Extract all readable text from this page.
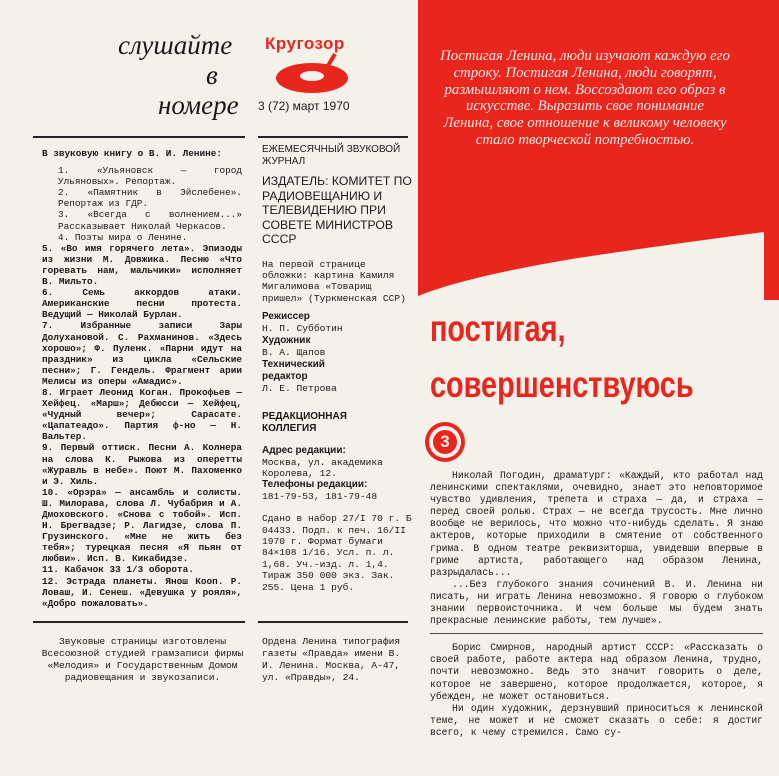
слушайте
в
номере
Кругозор
3 (72) март 1970

В звуковую книгу о В. И. Ленине:

1. «Ульяновск — город Ульяновых». Репортаж.

2. «Памятник в Эйслебене». Репортаж из ГДР.

3. «Всегда с волнением...» Рассказывает Николай Черкасов.

4. Поэты мира о Ленине.

5. «Во имя горячего лета». Эпизоды из жизни М. Довжика. Песню «Что горевать нам, мальчики» исполняет В. Мильто.

6. Семь аккордов атаки. Американские песни протеста. Ведущий — Николай Бурлан.

7. Избранные записи Зары Долухановой. С. Рахманинов. «Здесь хорошо»; Ф. Пуленк. «Парни идут на праздник» из цикла «Сельские песни»; Г. Гендель. Фрагмент арии Мелисы из оперы «Амадис».

8. Играет Леонид Коган. Прокофьев — Хейфец. «Марш»; Дебюсси — Хейфец, «Чудный вечер»; Сарасате. «Цапатеадо». Партия ф-но — Н. Вальтер.

9. Первый оттиск. Песни А. Колнера на слова К. Рыжова из оперетты «Журавль в небе». Поют М. Пахоменко и Э. Хиль.

10. «Орэра» — ансамбль и солисты. Ш. Милорава, слова Л. Чубабрия и А. Дмоховского. «Снова с тобой». Исп. Н. Брегвадзе; Р. Лагидзе, слова П. Грузинского. «Мне не жить без тебя»; турецкая песня «Я пьян от любви». Исп. В. Кикабидзе.

11. Кабачок 33 1/3 оборота.

12. Эстрада планеты. Янош Кооп. Р. Ловаш, И. Сенеш. «Девушка у рояля», «Добро пожаловать».

Звуковые страницы изготовлены Всесоюзной студией грамзаписи фирмы «Мелодия» и Государственным Домом радиовещания и звукозаписи.
ЕЖЕМЕСЯЧНЫЙ ЗВУКОВОЙ ЖУРНАЛ
ИЗДАТЕЛЬ: КОМИТЕТ ПО РАДИОВЕЩАНИЮ И ТЕЛЕВИДЕНИЮ ПРИ СОВЕТЕ МИНИСТРОВ СССР
На первой странице обложки: картина Камиля Мигалимова «Товарищ пришел» (Туркменская ССР)
Режиссер
Н. П. Субботин
Художник
В. А. Щапов
Технический редактор
Л. Е. Петрова
РЕДАКЦИОННАЯ КОЛЛЕГИЯ
Адрес редакции:
Москва, ул. академика Королева, 12.
Телефоны редакции:
181-79-53, 181-79-48
Сдано в набор 27/I 70 г. Б 04433. Подп. к печ. 16/II 1970 г. Формат бумаги 84×108 1/16. Усл. п. л. 1,68. Уч.-изд. л. 1,4. Тираж 350 000 экз. Зак. 255. Цена 1 руб.
Ордена Ленина типография газеты «Правда» имени В. И. Ленина. Москва, А-47, ул. «Правды», 24.
Постигая Ленина, люди изучают каждую его строку. Постигая Ленина, люди говорят, размышляют о нем. Воссоздают его образ в искусстве. Выразить свое понимание Ленина, свое отношение к великому человеку стало творческой потребностью.
постигая,
совершенствуюсь
3

Николай Погодин, драматург: «Каждый, кто работал над ленинскими спектаклями, очевидно, знает это неповторимое чувство удивления, трепета и страха — да, и страха — перед своей ролью. Страх — не всегда трусость. Мне лично вообще не верилось, что можно что-нибудь сделать. Я знаю актеров, которые приходили в смятение от собственного грима. В одном театре реквизиторша, увидевши впервые в гриме артиста, работающего над образом Ленина, разрыдалась...

...Без глубокого знания сочинений В. И. Ленина ни писать, ни играть Ленина невозможно. Я говорю о глубоком знании первоисточника. И чем больше мы будем знать прекрасные ленинские работы, тем лучше».

Борис Смирнов, народный артист СССР: «Рассказать о своей работе, работе актера над образом Ленина, трудно, почти невозможно. Ведь это значит говорить о деле, которое не завершено, которое продолжается, которое, я убежден, не может остановиться.

Ни один художник, дерзнувший приноситься к ленинской теме, не может и не сможет сказать о себе: я достиг всего, к чему стремился. Само су-
